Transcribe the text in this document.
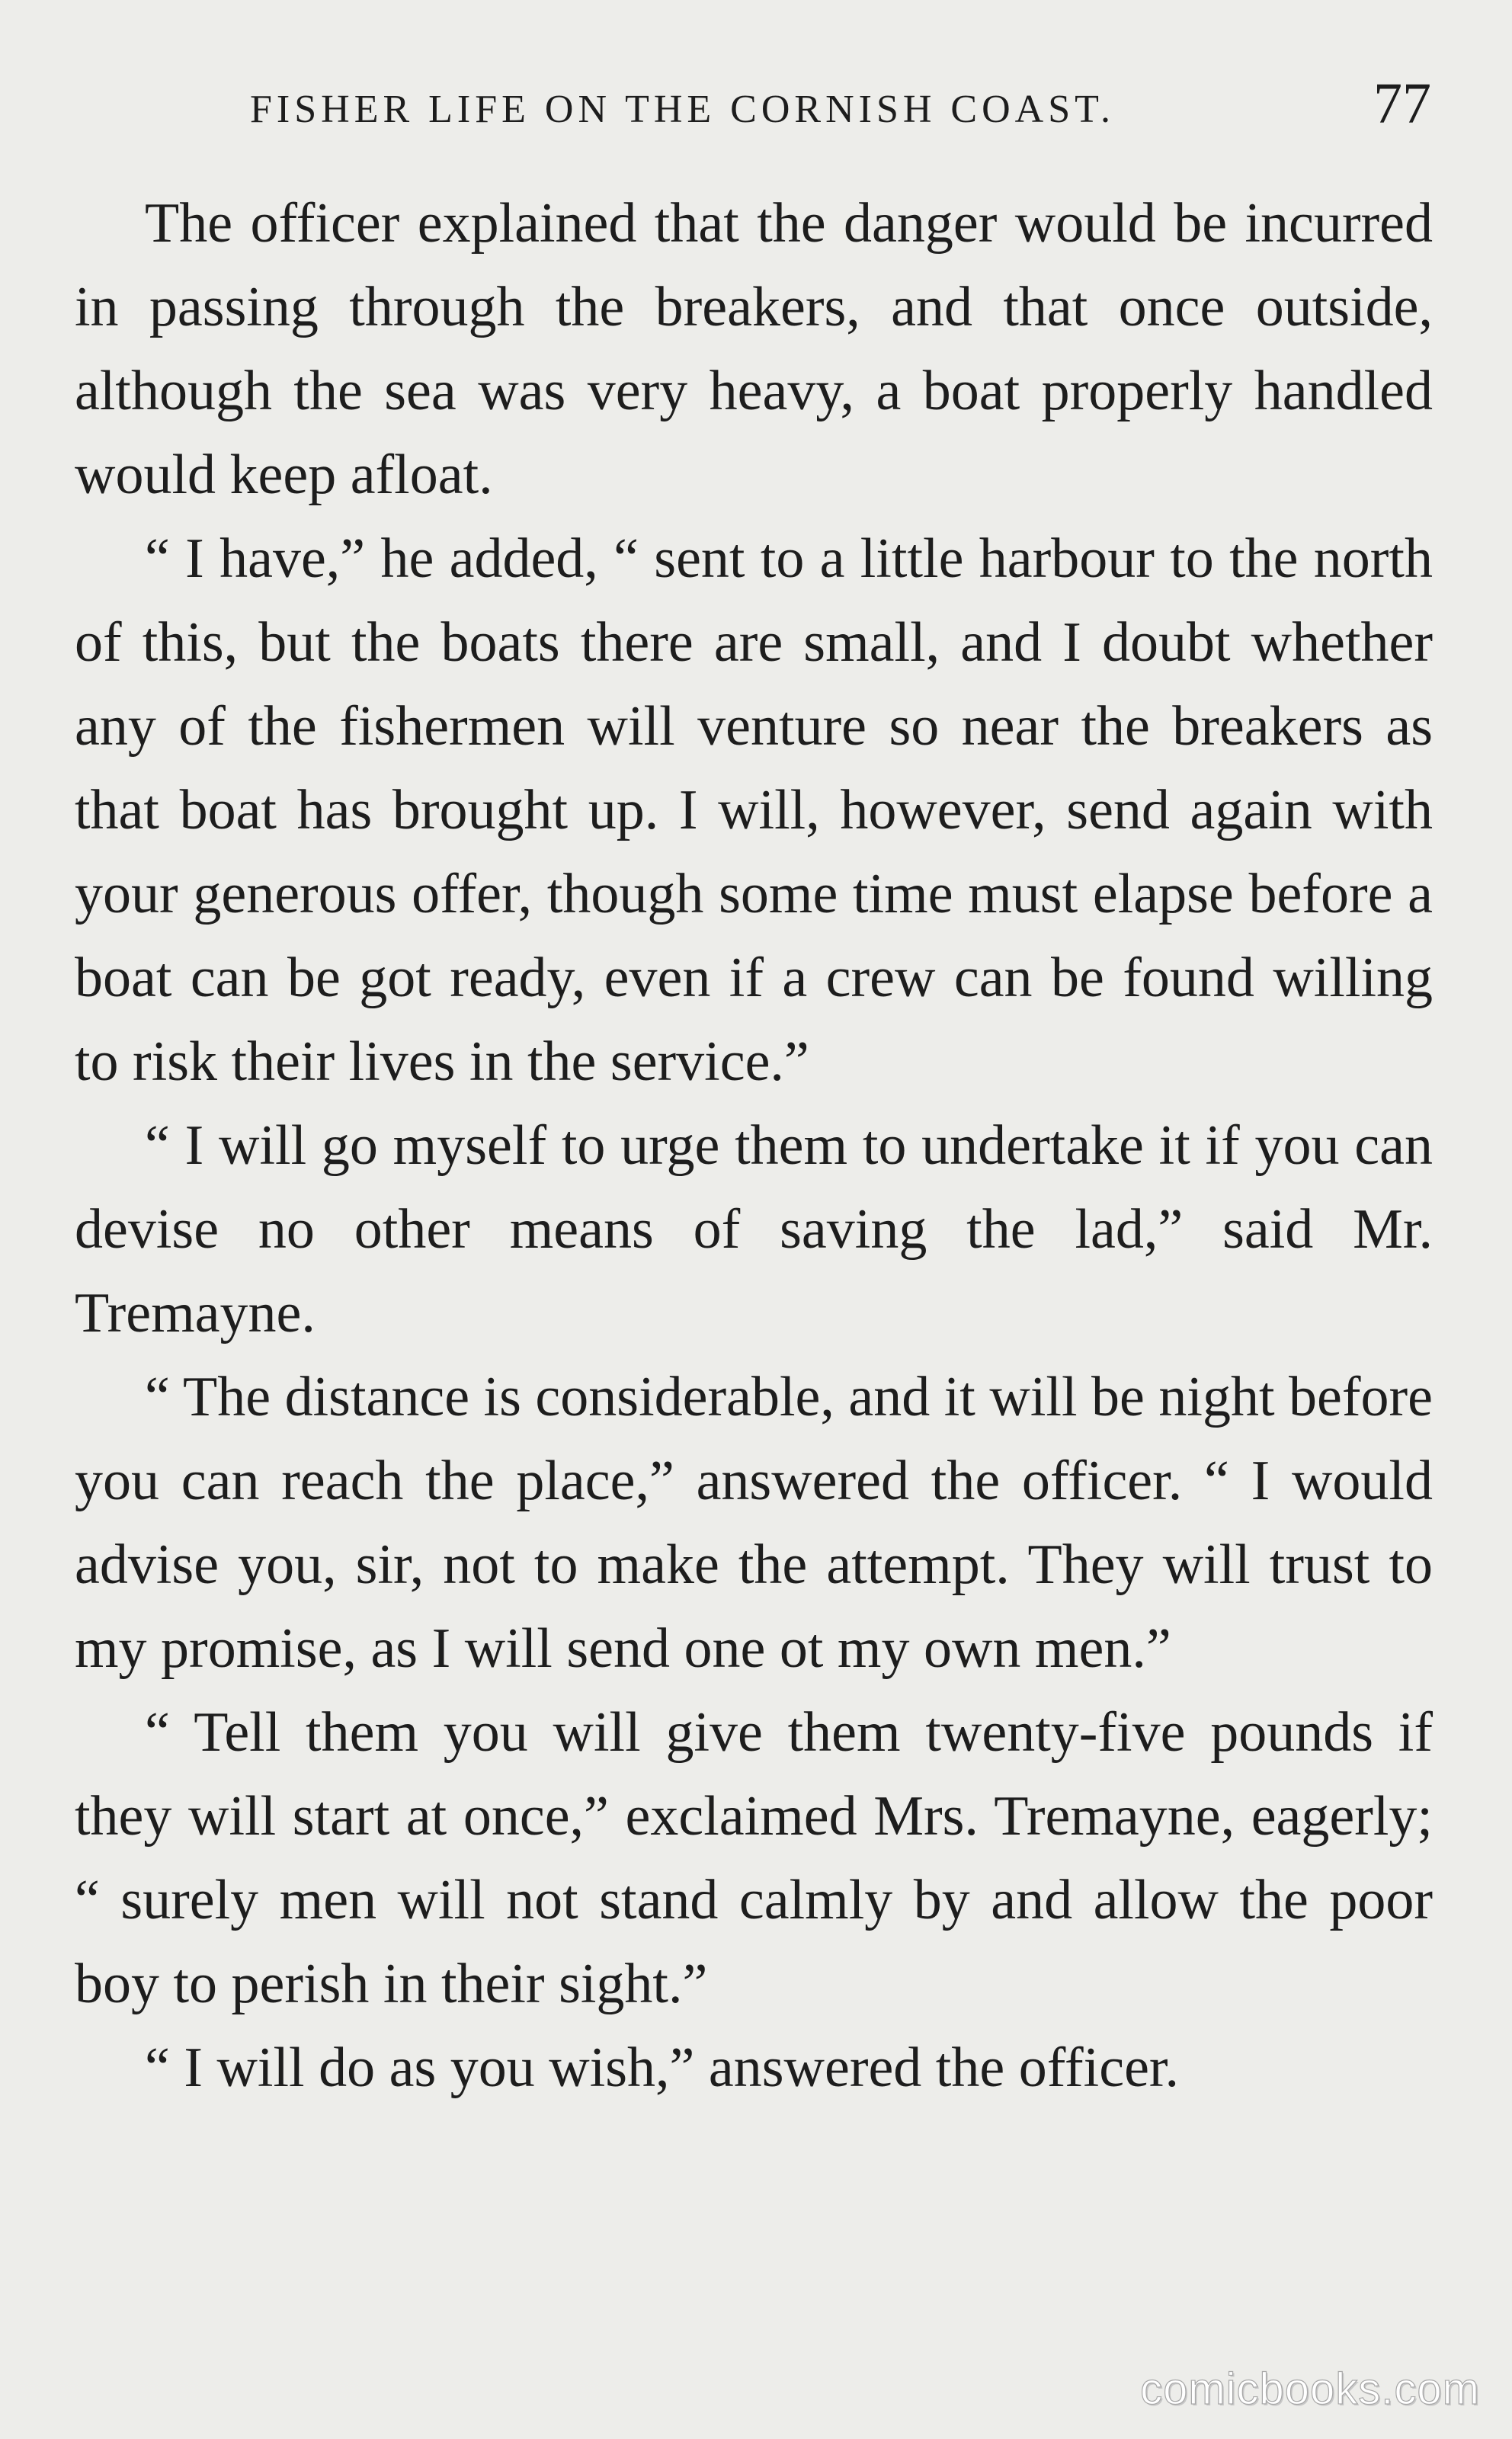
FISHER LIFE ON THE CORNISH COAST.	77

The officer explained that the danger would be incurred in passing through the breakers, and that once outside, although the sea was very heavy, a boat properly handled would keep afloat.

“ I have,” he added, “ sent to a little harbour to the north of this, but the boats there are small, and I doubt whether any of the fishermen will venture so near the breakers as that boat has brought up. I will, however, send again with your generous offer, though some time must elapse before a boat can be got ready, even if a crew can be found willing to risk their lives in the service.”

“ I will go myself to urge them to undertake it if you can devise no other means of saving the lad,” said Mr. Tremayne.

“ The distance is considerable, and it will be night before you can reach the place,” answered the officer. “ I would advise you, sir, not to make the attempt. They will trust to my promise, as I will send one ot my own men.”

“ Tell them you will give them twenty-five pounds if they will start at once,” exclaimed Mrs. Tremayne, eagerly; “ surely men will not stand calmly by and allow the poor boy to perish in their sight.”

“ I will do as you wish,” answered the officer.

comicbooks.com
